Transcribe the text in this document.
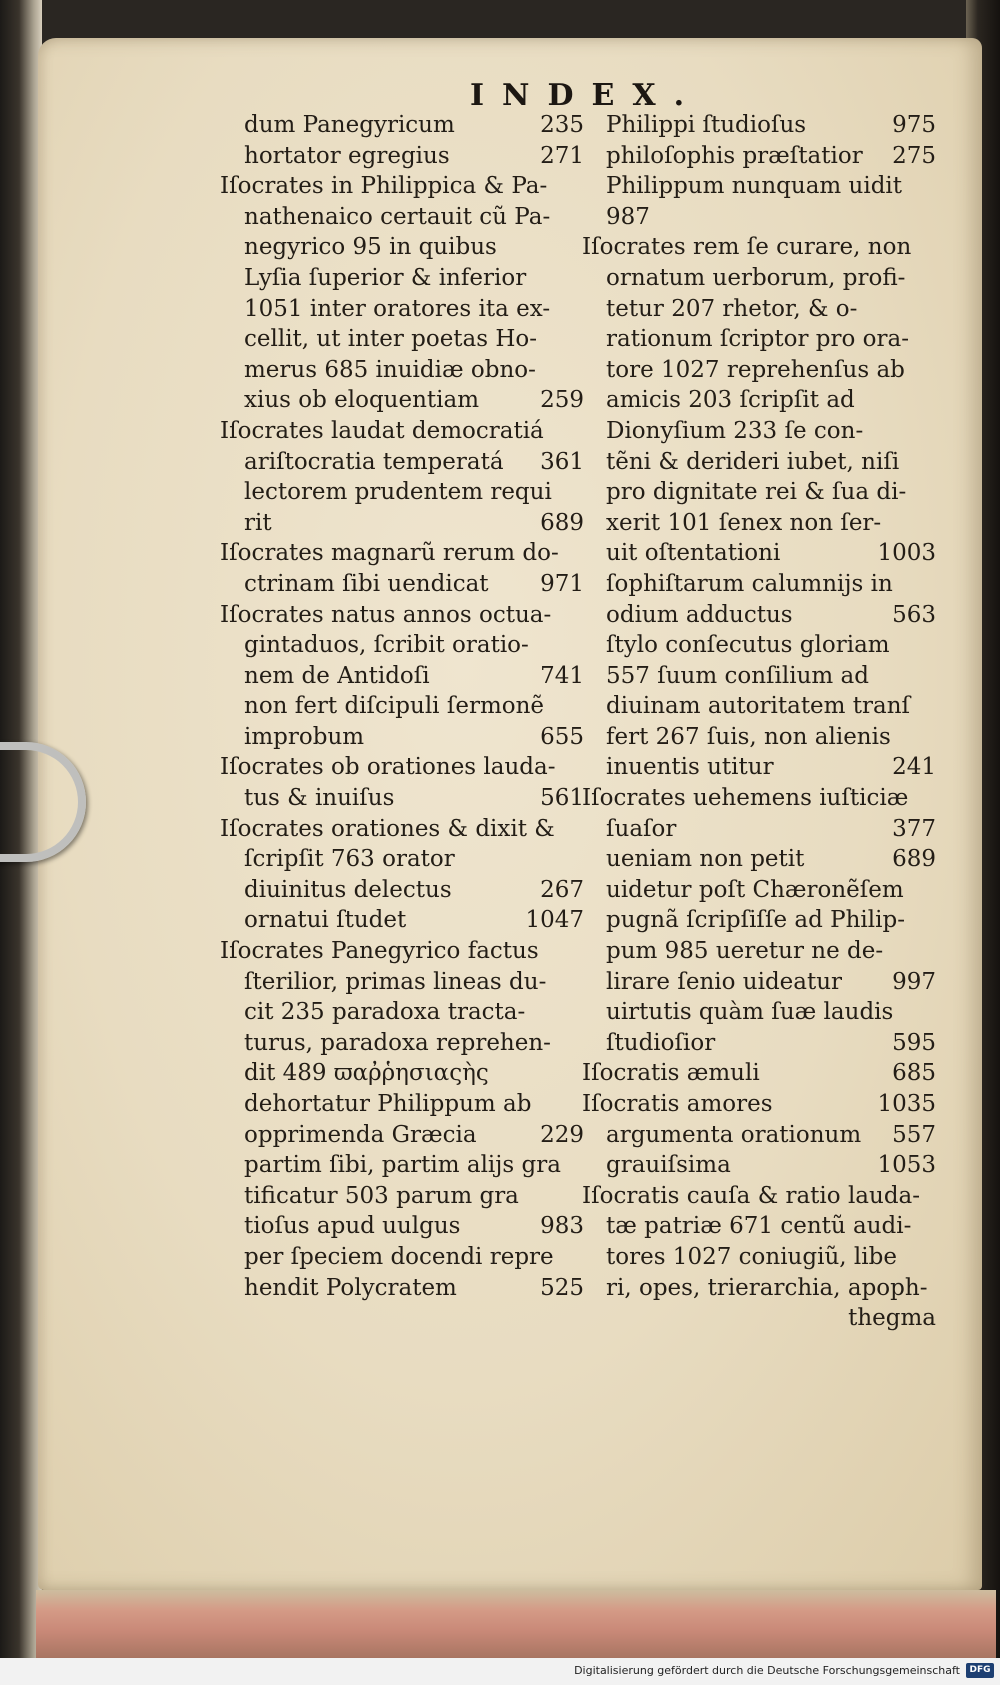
INDEX.
dum Panegyricum	235
hortator egregius	271
Iſocrates in Philippica & Pa-
nathenaico certauit cũ Pa-
negyrico 95 in quibus
Lyſia ſuperior & inferior
1051 inter oratores ita ex-
cellit, ut inter poetas Ho-
merus 685 inuidiæ obno-
xius ob eloquentiam	259
Iſocrates laudat democratiá
ariſtocratia temperatá 361
lectorem prudentem requi
rit	689
Iſocrates magnarũ rerum do-
ctrinam ſibi uendicat 971
Iſocrates natus annos octua-
gintaduos, ſcribit oratio-
nem de Antidoſi	741
non fert diſcipuli ſermonẽ
improbum	655
Iſocrates ob orationes lauda-
tus & inuiſus	561
Iſocrates orationes & dixit &
ſcripſit 763 orator
diuinitus delectus	267
ornatui ſtudet	1047
Iſocrates Panegyrico factus
ſterilior, primas lineas du-
cit 235 paradoxa tracta-
turus, paradoxa reprehen-
dit 489 ϖαῤῥησιαςὴς
dehortatur Philippum ab
opprimenda Græcia	229
partim ſibi, partim alijs gra
tificatur 503 parum gra
tioſus apud uulgus	983
per ſpeciem docendi repre
hendit Polycratem	525
Philippi ſtudioſus	975
philoſophis præſtatior 275
Philippum nunquam uidit
987
Iſocrates rem ſe curare, non
ornatum uerborum, profi-
tetur 207 rhetor, & o-
rationum ſcriptor pro ora-
tore 1027 reprehenſus ab
amicis 203 ſcripſit ad
Dionyſium 233 ſe con-
tẽni & derideri iubet, niſi
pro dignitate rei & ſua di-
xerit 101 ſenex non ſer-
uit oſtentationi	1003
ſophiſtarum calumnijs in
odium adductus	563
ſtylo conſecutus gloriam
557 ſuum conſilium ad
diuinam autoritatem tranſ
fert 267 ſuis, non alienis
inuentis utitur	241
Iſocrates uehemens iuſticiæ
ſuaſor	377
ueniam non petit	689
uidetur poſt Chæronẽſem
pugnã ſcripſiſſe ad Philip-
pum 985 ueretur ne de-
lirare ſenio uideatur 997
uirtutis quàm ſuæ laudis
ſtudioſior	595
Iſocratis æmuli	685
Iſocratis amores	1035
argumenta orationum 557
grauiſsima	1053
Iſocratis cauſa & ratio lauda-
tæ patriæ 671 centũ audi-
tores 1027 coniugiũ, libe
ri, opes, trierarchia, apoph-
thegma
Digitalisierung gefördert durch die Deutsche Forschungsgemeinschaft	DFG
